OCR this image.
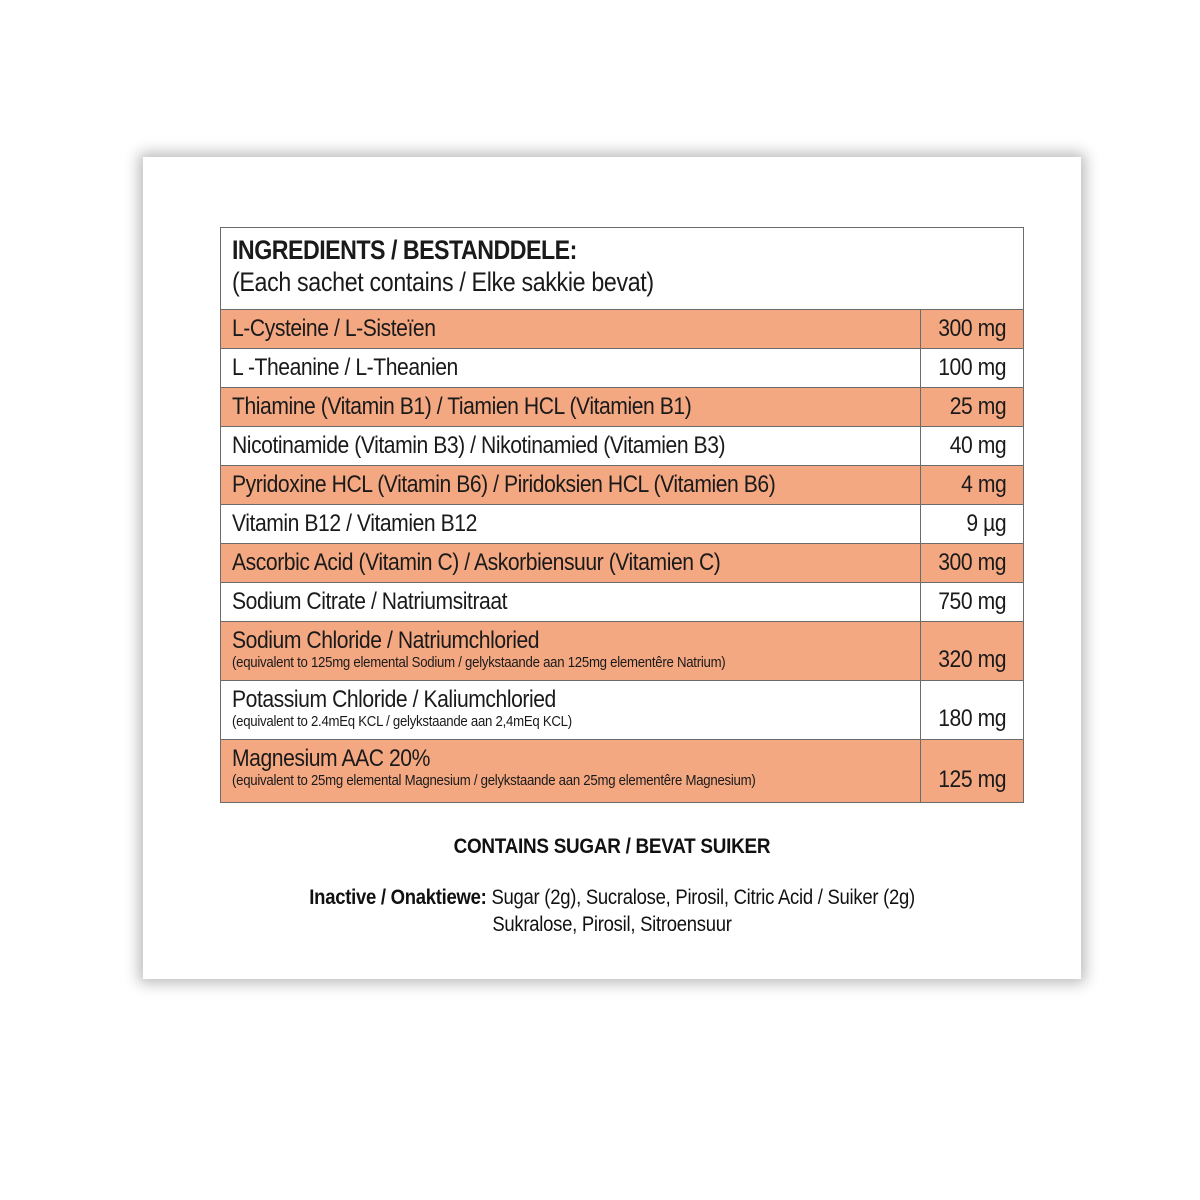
INGREDIENTS / BESTANDDELE:
(Each sachet contains / Elke sakkie bevat)
L-Cysteine / L-Sisteïen	300 mg
L -Theanine / L-Theanien	100 mg
Thiamine (Vitamin B1) / Tiamien HCL (Vitamien B1)	25 mg
Nicotinamide (Vitamin B3) / Nikotinamied (Vitamien B3)	40 mg
Pyridoxine HCL (Vitamin B6) / Piridoksien HCL (Vitamien B6)	4 mg
Vitamin B12 / Vitamien B12	9 µg
Ascorbic Acid (Vitamin C) / Askorbiensuur (Vitamien C)	300 mg
Sodium Citrate / Natriumsitraat	750 mg
Sodium Chloride / Natriumchloried
(equivalent to 125mg elemental Sodium / gelykstaande aan 125mg elementêre Natrium)	320 mg
Potassium Chloride / Kaliumchloried
(equivalent to 2.4mEq KCL / gelykstaande aan 2,4mEq KCL)	180 mg
Magnesium AAC 20%
(equivalent to 25mg elemental Magnesium / gelykstaande aan 25mg elementêre Magnesium)	125 mg
CONTAINS SUGAR / BEVAT SUIKER
Inactive / Onaktiewe: Sugar (2g), Sucralose, Pirosil, Citric Acid / Suiker (2g)
Sukralose, Pirosil, Sitroensuur
